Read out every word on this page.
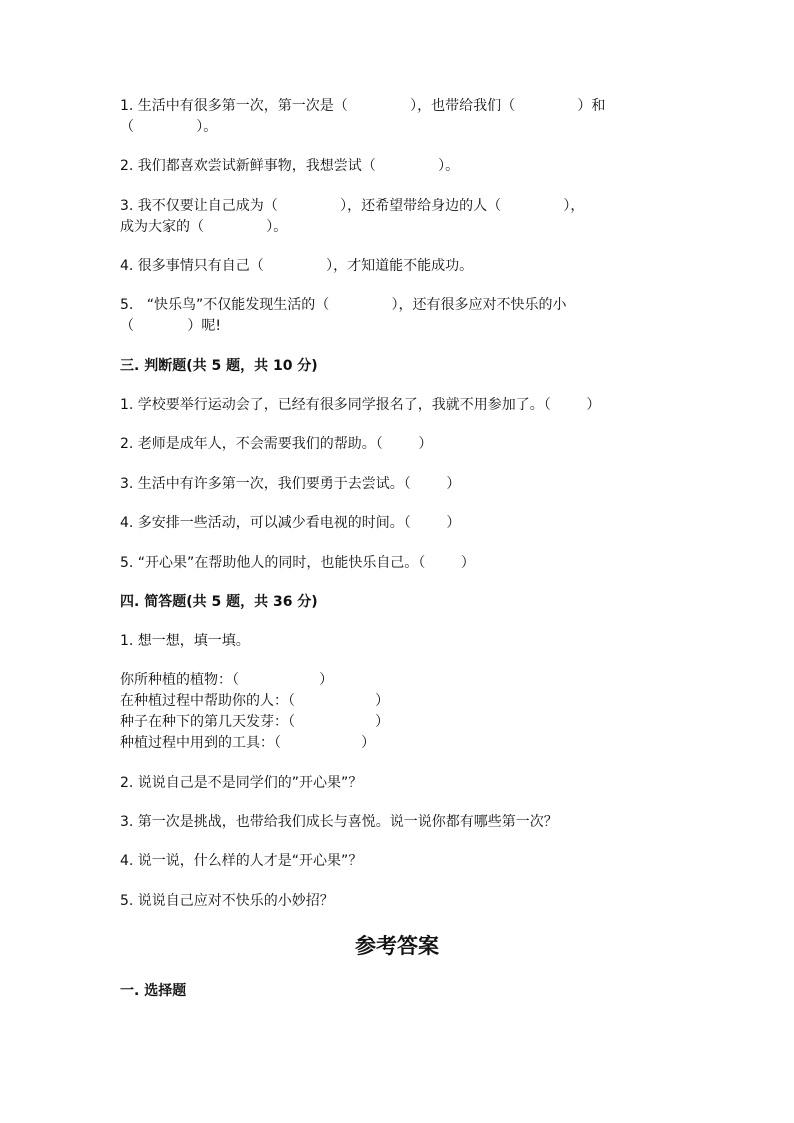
1. 生活中有很多第一次，第一次是（              ），也带给我们（              ）和
（              ）。
2. 我们都喜欢尝试新鲜事物，我想尝试（              ）。
3. 我不仅要让自己成为（              ），还希望带给身边的人（              ），
成为大家的（              ）。
4. 很多事情只有自己（              ），才知道能不能成功。
5.   “快乐鸟”不仅能发现生活的（              ），还有很多应对不快乐的小
（            ）呢!
三. 判断题(共 5 题，共 10 分)
1. 学校要举行运动会了，已经有很多同学报名了，我就不用参加了。（        ）
2. 老师是成年人，不会需要我们的帮助。（        ）
3. 生活中有许多第一次，我们要勇于去尝试。（        ）
4. 多安排一些活动，可以减少看电视的时间。（        ）
5. “开心果”在帮助他人的同时，也能快乐自己。（        ）
四. 简答题(共 5 题，共 36 分)
1. 想一想，填一填。
你所种植的植物：（                  ）
在种植过程中帮助你的人：（                  ）
种子在种下的第几天发芽：（                  ）
种植过程中用到的工具：（                  ）
2. 说说自己是不是同学们的”开心果”？
3. 第一次是挑战，也带给我们成长与喜悦。说一说你都有哪些第一次？
4. 说一说，什么样的人才是“开心果”？
5. 说说自己应对不快乐的小妙招？
参考答案
一. 选择题
